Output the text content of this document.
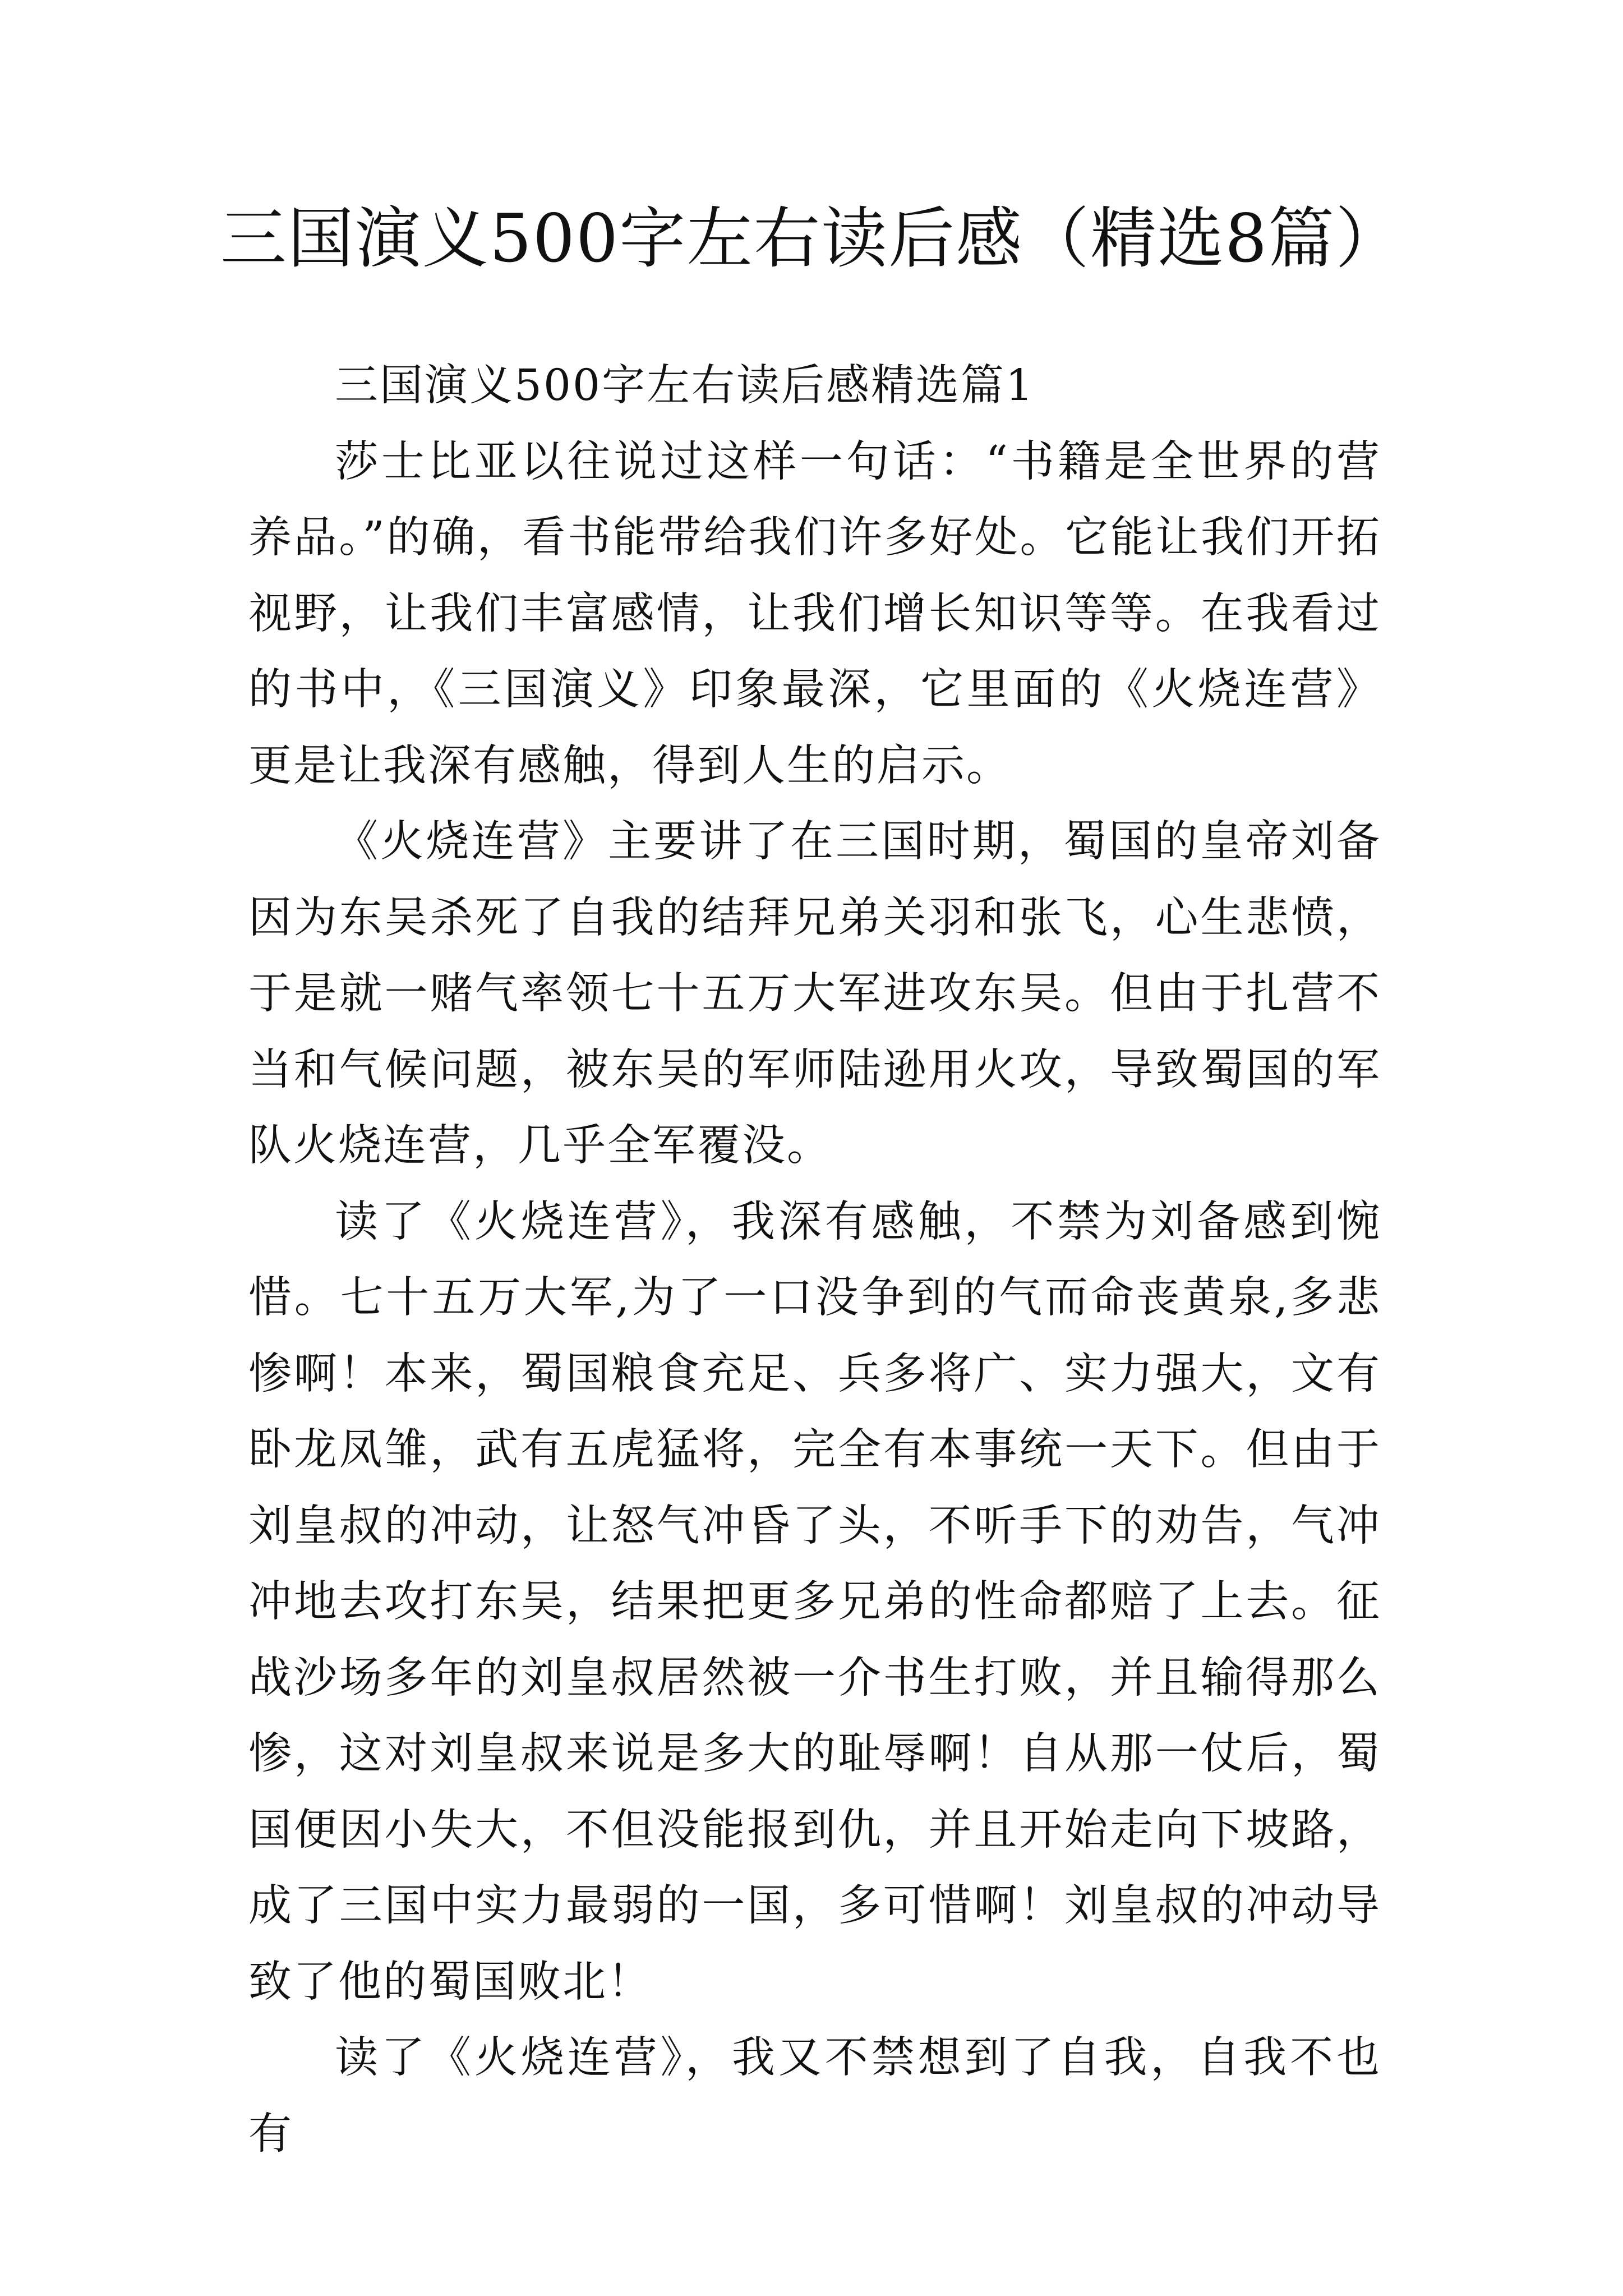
三国演义500字左右读后感（精选8篇）

三国演义500字左右读后感精选篇1

莎士比亚以往说过这样一句话：“书籍是全世界的营养品。”的确，看书能带给我们许多好处。它能让我们开拓视野，让我们丰富感情，让我们增长知识等等。在我看过的书中，《三国演义》印象最深，它里面的《火烧连营》更是让我深有感触，得到人生的启示。

《火烧连营》主要讲了在三国时期，蜀国的皇帝刘备因为东吴杀死了自我的结拜兄弟关羽和张飞，心生悲愤，于是就一赌气率领七十五万大军进攻东吴。但由于扎营不当和气候问题，被东吴的军师陆逊用火攻，导致蜀国的军队火烧连营，几乎全军覆没。

读了《火烧连营》，我深有感触，不禁为刘备感到惋惜。七十五万大军,为了一口没争到的气而命丧黄泉,多悲惨啊！本来，蜀国粮食充足、兵多将广、实力强大，文有卧龙凤雏，武有五虎猛将，完全有本事统一天下。但由于刘皇叔的冲动，让怒气冲昏了头，不听手下的劝告，气冲冲地去攻打东吴，结果把更多兄弟的性命都赔了上去。征战沙场多年的刘皇叔居然被一介书生打败，并且输得那么惨，这对刘皇叔来说是多大的耻辱啊！自从那一仗后，蜀国便因小失大，不但没能报到仇，并且开始走向下坡路，成了三国中实力最弱的一国，多可惜啊！刘皇叔的冲动导致了他的蜀国败北！

读了《火烧连营》，我又不禁想到了自我，自我不也有
